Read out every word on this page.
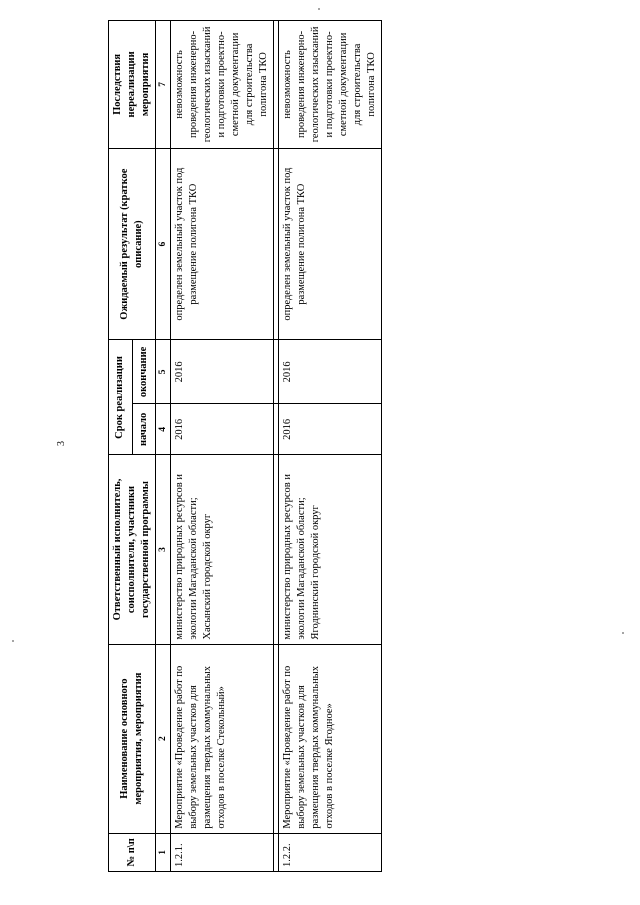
3
№ п\п	Наименование основного мероприятия, мероприятия	Ответственный исполнитель, соисполнители, участники государственной программы	Срок реализации		Ожидаемый результат (краткое описание)	Последствия нереализации мероприятия
			начало	окончание		
1	2	3	4	5	6	7
1.2.1.	Мероприятие «Проведение работ по выбору земельных участков для размещения твердых коммунальных отходов в поселке Стекольный»	министерство природных ресурсов и экологии Магаданской области; Хасынский городской округ	2016	2016	определен земельный участок под размещение полигона ТКО	невозможность проведения инженерно-геологических изысканий и подготовки проектно-сметной документации для строительства полигона ТКО

1.2.2.	Мероприятие «Проведение работ по выбору земельных участков для размещения твердых коммунальных отходов в поселке Ягодное»	министерство природных ресурсов и экологии Магаданской области; Ягоднинский городской округ	2016	2016	определен земельный участок под размещение полигона ТКО	невозможность проведения инженерно-геологических изысканий и подготовки проектно-сметной документации для строительства полигона ТКО
